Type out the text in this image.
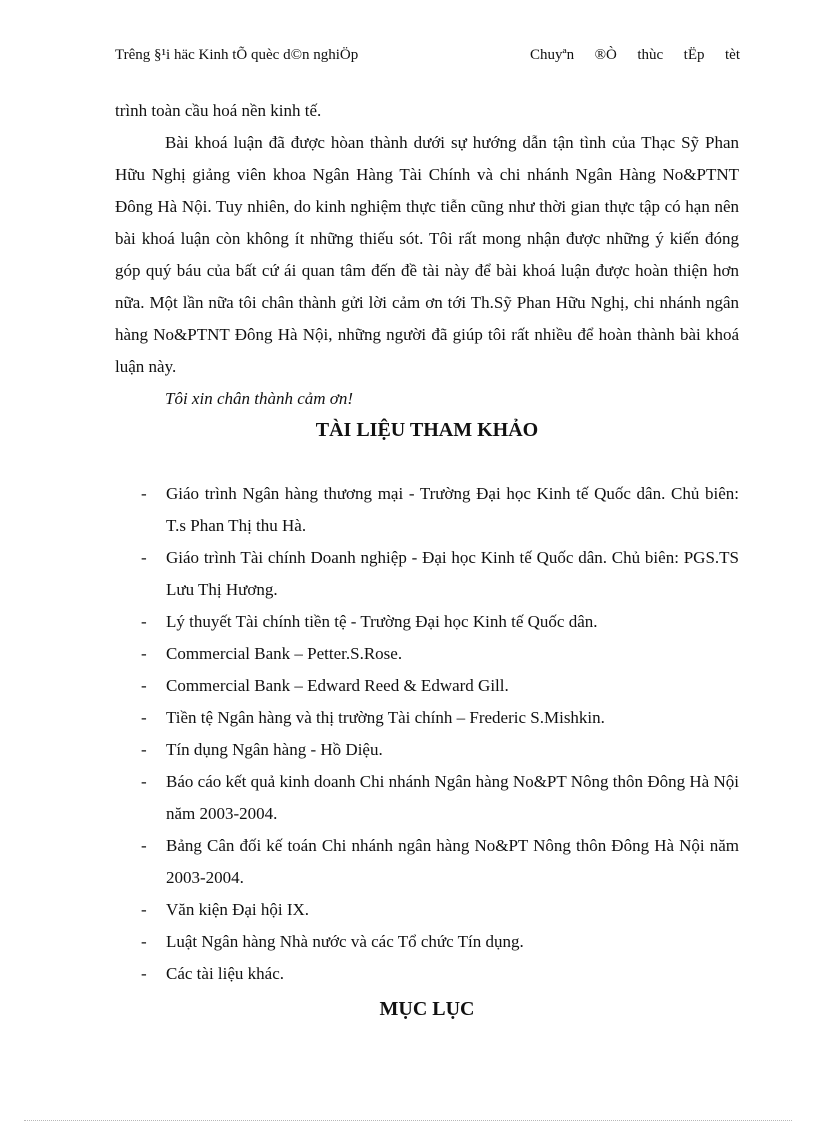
Trêng §¹i häc Kinh tÕ quèc d©n nghiÖp	Chuyªn ®Ò thùc tËp tèt

trình toàn cầu hoá nền kinh tế.

Bài khoá luận đã được hòan thành dưới sự hướng dẫn tận tình của Thạc Sỹ Phan Hữu Nghị giảng viên khoa Ngân Hàng Tài Chính và chi nhánh Ngân Hàng No&PTNT Đông Hà Nội. Tuy nhiên, do kinh nghiệm thực tiễn cũng như thời gian thực tập có hạn nên bài khoá luận còn không ít những thiếu sót. Tôi rất mong nhận được những ý kiến đóng góp quý báu của bất cứ ái quan tâm đến đề tài này để bài khoá luận được hoàn thiện hơn nữa. Một lần nữa tôi chân thành gửi lời cảm ơn tới Th.Sỹ Phan Hữu Nghị, chi nhánh ngân hàng No&PTNT Đông Hà Nội, những người đã giúp tôi rất nhiều để hoàn thành bài khoá luận này.

Tôi xin chân thành cảm ơn!

TÀI LIỆU THAM KHẢO
- Giáo trình Ngân hàng thương mại - Trường Đại học Kinh tế Quốc dân. Chủ biên: T.s Phan Thị thu Hà.
- Giáo trình Tài chính Doanh nghiệp - Đại học Kinh tế Quốc dân. Chủ biên: PGS.TS Lưu Thị Hương.
- Lý thuyết Tài chính tiền tệ - Trường Đại học Kinh tế Quốc dân.
- Commercial Bank – Petter.S.Rose.
- Commercial Bank – Edward Reed & Edward Gill.
- Tiền tệ Ngân hàng và thị trường Tài chính – Frederic S.Mishkin.
- Tín dụng Ngân hàng - Hồ Diệu.
- Báo cáo kết quả kinh doanh Chi nhánh Ngân hàng No&PT Nông thôn Đông Hà Nội năm 2003-2004.
- Bảng Cân đối kế toán Chi nhánh ngân hàng No&PT Nông thôn Đông Hà Nội năm 2003-2004.
- Văn kiện Đại hội IX.
- Luật Ngân hàng Nhà nước và các Tổ chức Tín dụng.
- Các tài liệu khác.
MỤC LỤC
